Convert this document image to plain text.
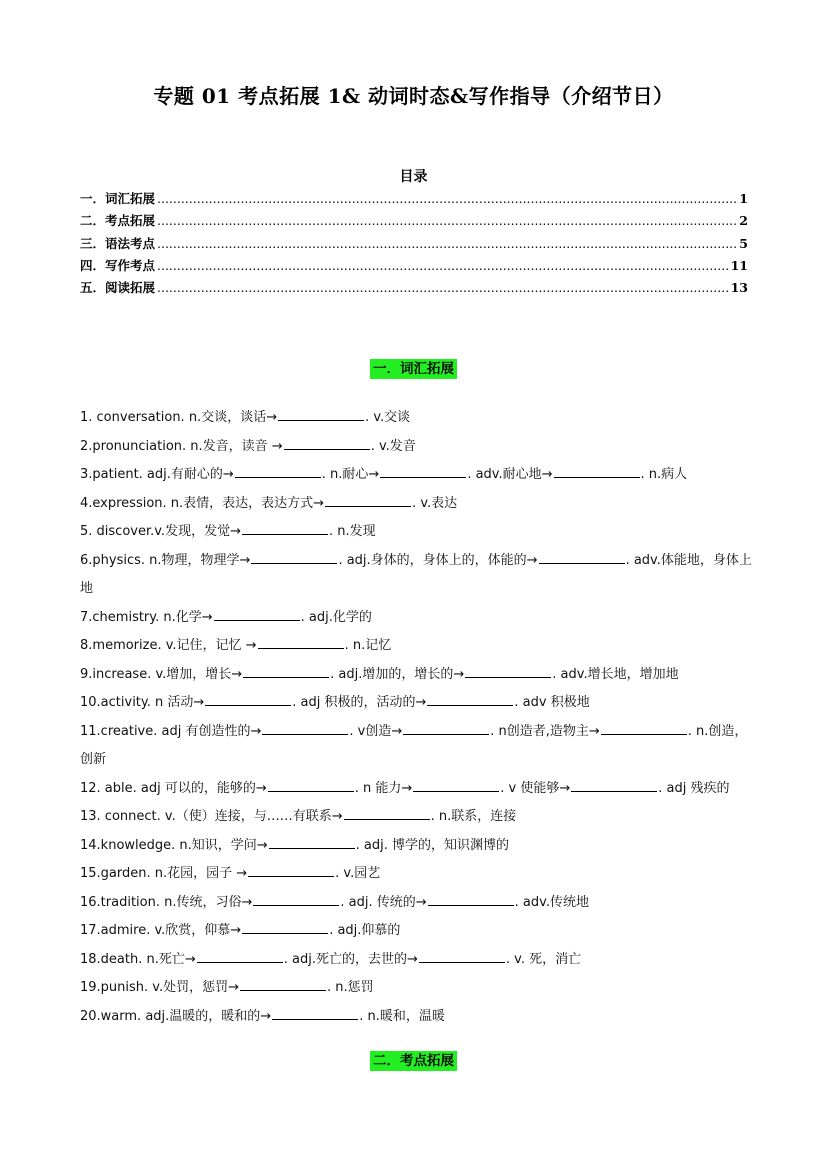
专题 01 考点拓展 1& 动词时态&写作指导（介绍节日）
目录
一．词汇拓展 .....	1
二．考点拓展 .....	2
三．语法考点 .....	5
四．写作考点 .....	11
五．阅读拓展 .....	13
一．词汇拓展
1. conversation. n.交谈，谈话→	. v.交谈
2.pronunciation. n.发音，读音 →	. v.发音
3.patient. adj.有耐心的→	. n.耐心→	. adv.耐心地→	. n.病人
4.expression. n.表情，表达，表达方式→	. v.表达
5. discover.v.发现，发觉→	. n.发现
6.physics. n.物理，物理学→	. adj.身体的，身体上的，体能的→	. adv.体能地，身体上地
7.chemistry. n.化学→	. adj.化学的
8.memorize. v.记住，记忆 →	. n.记忆
9.increase. v.增加，增长→	. adj.增加的，增长的→	. adv.增长地，增加地
10.activity. n 活动→	. adj 积极的，活动的→	. adv 积极地
11.creative. adj 有创造性的→	. v创造→	. n创造者,造物主→	. n.创造，创新
12. able. adj 可以的，能够的→	. n 能力→	. v 使能够→	. adj 残疾的
13. connect. v.（使）连接，与……有联系→	. n.联系，连接
14.knowledge. n.知识，学问→	. adj. 博学的，知识渊博的
15.garden. n.花园，园子 →	. v.园艺
16.tradition. n.传统，习俗→	. adj. 传统的→	. adv.传统地
17.admire. v.欣赏，仰慕→	. adj.仰慕的
18.death. n.死亡→	. adj.死亡的，去世的→	. v. 死，消亡
19.punish. v.处罚，惩罚→	. n.惩罚
20.warm. adj.温暖的，暖和的→	. n.暖和，温暖
二．考点拓展
